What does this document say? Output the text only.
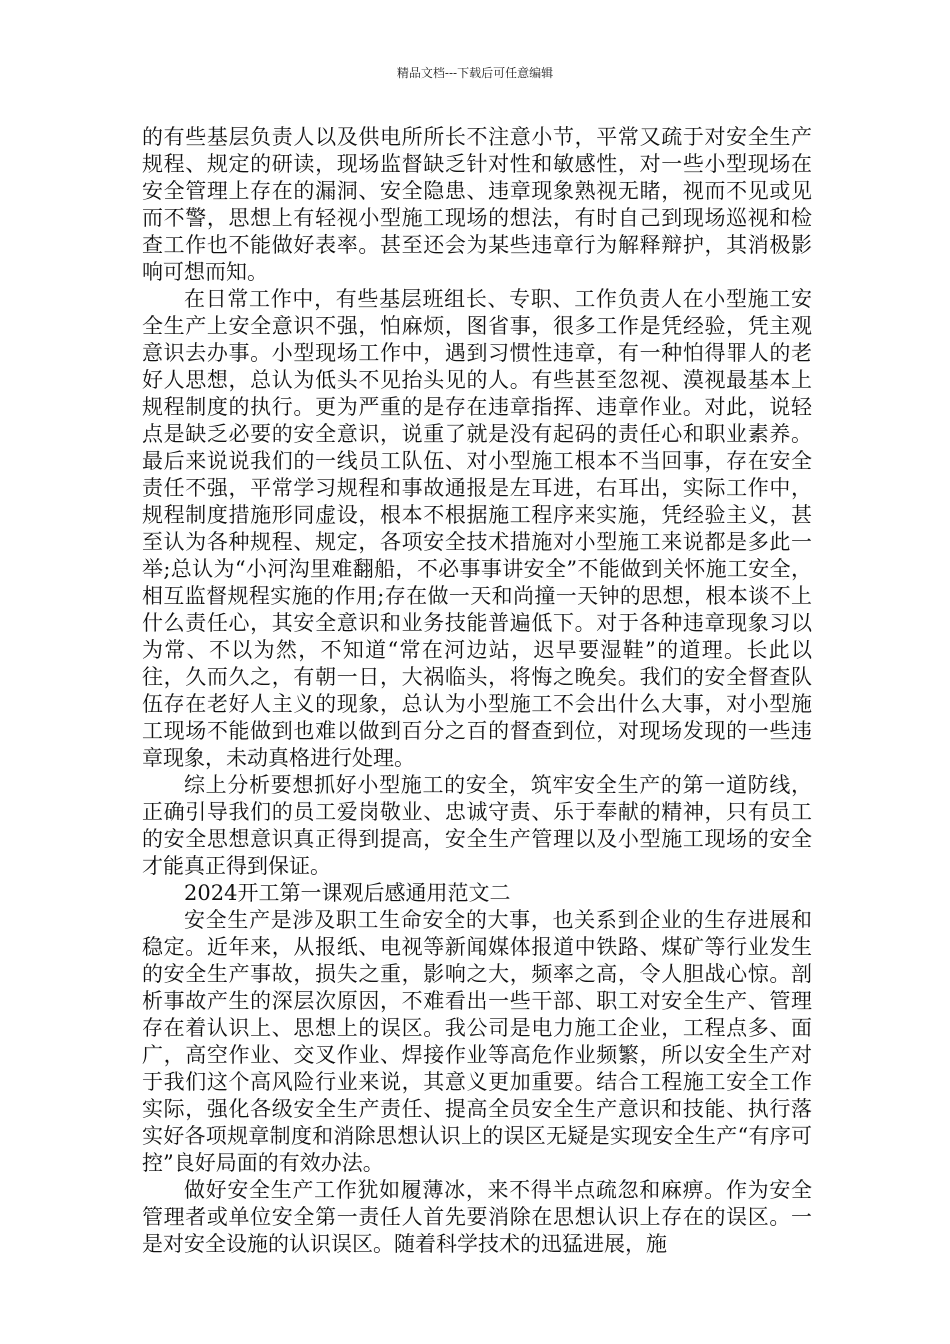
精品文档---下载后可任意编辑

的有些基层负责人以及供电所所长不注意小节，平常又疏于对安全生产规程、规定的研读，现场监督缺乏针对性和敏感性，对一些小型现场在安全管理上存在的漏洞、安全隐患、违章现象熟视无睹，视而不见或见而不警，思想上有轻视小型施工现场的想法，有时自己到现场巡视和检查工作也不能做好表率。甚至还会为某些违章行为解释辩护，其消极影响可想而知。

在日常工作中，有些基层班组长、专职、工作负责人在小型施工安全生产上安全意识不强，怕麻烦，图省事，很多工作是凭经验，凭主观意识去办事。小型现场工作中，遇到习惯性违章，有一种怕得罪人的老好人思想，总认为低头不见抬头见的人。有些甚至忽视、漠视最基本上规程制度的执行。更为严重的是存在违章指挥、违章作业。对此，说轻点是缺乏必要的安全意识，说重了就是没有起码的责任心和职业素养。最后来说说我们的一线员工队伍、对小型施工根本不当回事，存在安全责任不强，平常学习规程和事故通报是左耳进，右耳出，实际工作中，规程制度措施形同虚设，根本不根据施工程序来实施，凭经验主义，甚至认为各种规程、规定，各项安全技术措施对小型施工来说都是多此一举;总认为“小河沟里难翻船，不必事事讲安全”不能做到关怀施工安全，相互监督规程实施的作用;存在做一天和尚撞一天钟的思想，根本谈不上什么责任心，其安全意识和业务技能普遍低下。对于各种违章现象习以为常、不以为然，不知道“常在河边站，迟早要湿鞋”的道理。长此以往，久而久之，有朝一日，大祸临头，将悔之晚矣。我们的安全督查队伍存在老好人主义的现象，总认为小型施工不会出什么大事，对小型施工现场不能做到也难以做到百分之百的督查到位，对现场发现的一些违章现象，未动真格进行处理。

综上分析要想抓好小型施工的安全，筑牢安全生产的第一道防线，正确引导我们的员工爱岗敬业、忠诚守责、乐于奉献的精神，只有员工的安全思想意识真正得到提高，安全生产管理以及小型施工现场的安全才能真正得到保证。

2024开工第一课观后感通用范文二

安全生产是涉及职工生命安全的大事，也关系到企业的生存进展和稳定。近年来，从报纸、电视等新闻媒体报道中铁路、煤矿等行业发生的安全生产事故，损失之重，影响之大，频率之高，令人胆战心惊。剖析事故产生的深层次原因，不难看出一些干部、职工对安全生产、管理存在着认识上、思想上的误区。我公司是电力施工企业，工程点多、面广，高空作业、交叉作业、焊接作业等高危作业频繁，所以安全生产对于我们这个高风险行业来说，其意义更加重要。结合工程施工安全工作实际，强化各级安全生产责任、提高全员安全生产意识和技能、执行落实好各项规章制度和消除思想认识上的误区无疑是实现安全生产“有序可控”良好局面的有效办法。

做好安全生产工作犹如履薄冰，来不得半点疏忽和麻痹。作为安全管理者或单位安全第一责任人首先要消除在思想认识上存在的误区。一是对安全设施的认识误区。随着科学技术的迅猛进展，施
